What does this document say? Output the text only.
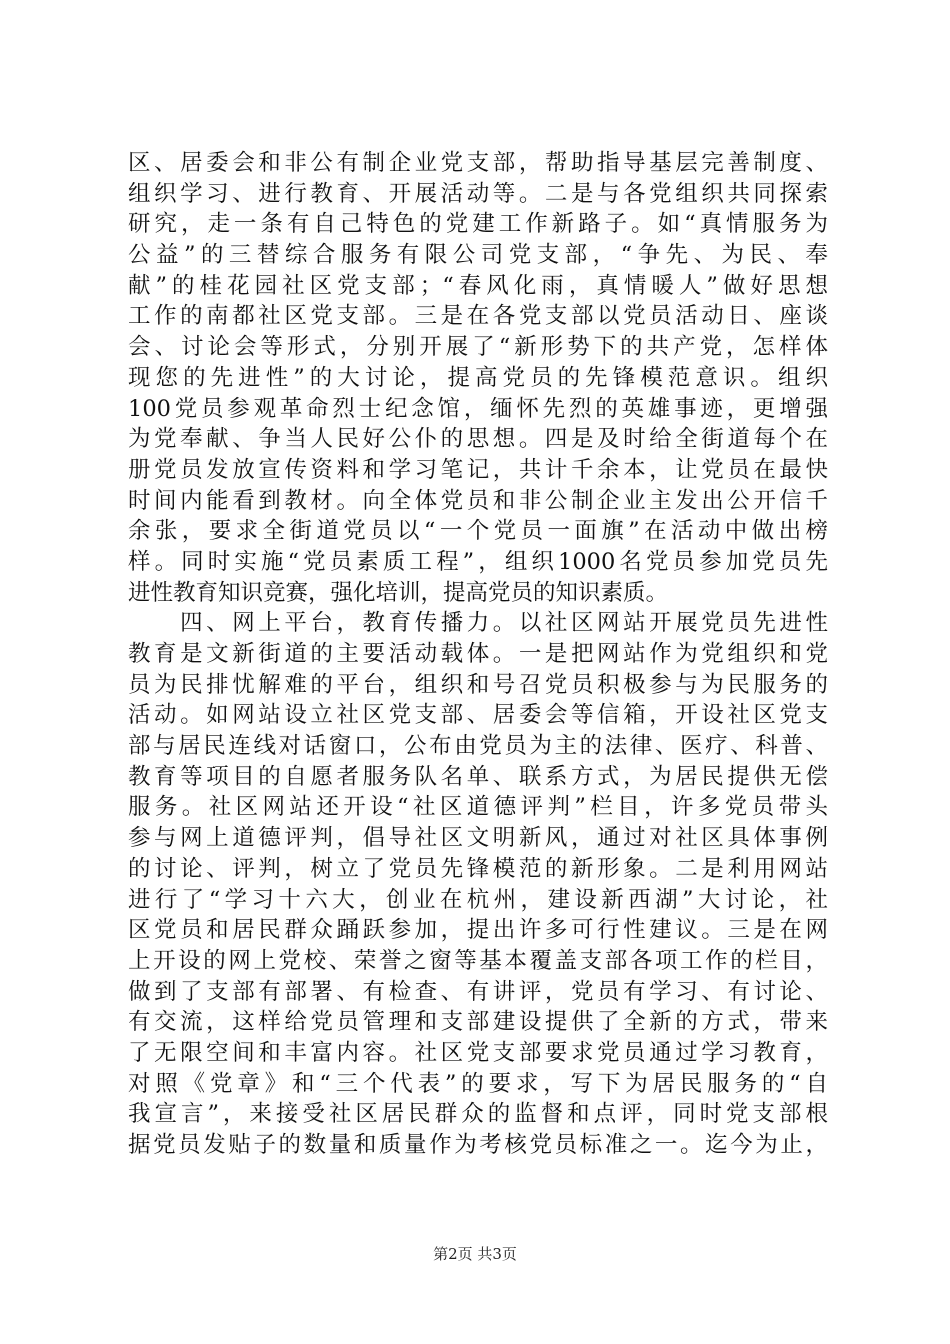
区、居委会和非公有制企业党支部，帮助指导基层完善制度、
组织学习、进行教育、开展活动等。二是与各党组织共同探索
研究，走一条有自己特色的党建工作新路子。如“真情服务为
公益”的三替综合服务有限公司党支部，“争先、为民、奉
献”的桂花园社区党支部；“春风化雨，真情暖人”做好思想
工作的南都社区党支部。三是在各党支部以党员活动日、座谈
会、讨论会等形式，分别开展了“新形势下的共产党，怎样体
现您的先进性”的大讨论，提高党员的先锋模范意识。组织
100党员参观革命烈士纪念馆，缅怀先烈的英雄事迹，更增强
为党奉献、争当人民好公仆的思想。四是及时给全街道每个在
册党员发放宣传资料和学习笔记，共计千余本，让党员在最快
时间内能看到教材。向全体党员和非公制企业主发出公开信千
余张，要求全街道党员以“一个党员一面旗”在活动中做出榜
样。同时实施“党员素质工程”，组织1000名党员参加党员先
进性教育知识竞赛，强化培训，提高党员的知识素质。
　　四、网上平台，教育传播力。以社区网站开展党员先进性
教育是文新街道的主要活动载体。一是把网站作为党组织和党
员为民排忧解难的平台，组织和号召党员积极参与为民服务的
活动。如网站设立社区党支部、居委会等信箱，开设社区党支
部与居民连线对话窗口，公布由党员为主的法律、医疗、科普、
教育等项目的自愿者服务队名单、联系方式，为居民提供无偿
服务。社区网站还开设“社区道德评判”栏目，许多党员带头
参与网上道德评判，倡导社区文明新风，通过对社区具体事例
的讨论、评判，树立了党员先锋模范的新形象。二是利用网站
进行了“学习十六大，创业在杭州，建设新西湖”大讨论，社
区党员和居民群众踊跃参加，提出许多可行性建议。三是在网
上开设的网上党校、荣誉之窗等基本覆盖支部各项工作的栏目，
做到了支部有部署、有检查、有讲评，党员有学习、有讨论、
有交流，这样给党员管理和支部建设提供了全新的方式，带来
了无限空间和丰富内容。社区党支部要求党员通过学习教育，
对照《党章》和“三个代表”的要求，写下为居民服务的“自
我宣言”，来接受社区居民群众的监督和点评，同时党支部根
据党员发贴子的数量和质量作为考核党员标准之一。迄今为止，
第2页 共3页
